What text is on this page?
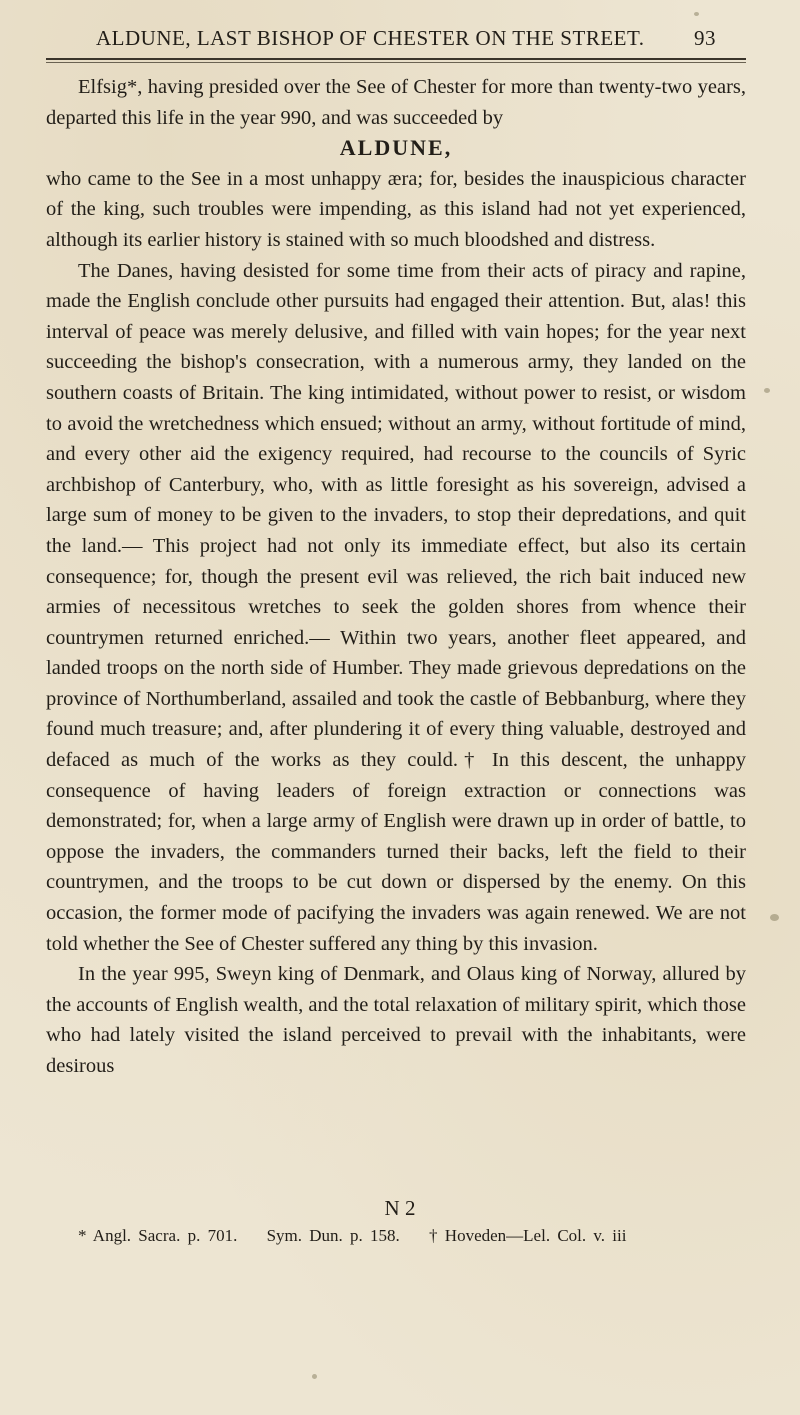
ALDUNE, LAST BISHOP OF CHESTER ON THE STREET. 93

Elfsig*, having presided over the See of Chester for more than twenty-two years, departed this life in the year 990, and was succeeded by

ALDUNE,

who came to the See in a most unhappy æra; for, besides the inauspicious character of the king, such troubles were impending, as this island had not yet experienced, although its earlier history is stained with so much bloodshed and distress.

The Danes, having desisted for some time from their acts of piracy and rapine, made the English conclude other pursuits had engaged their attention. But, alas! this interval of peace was merely delusive, and filled with vain hopes; for the year next succeeding the bishop's consecration, with a numerous army, they landed on the southern coasts of Britain. The king intimidated, without power to resist, or wisdom to avoid the wretchedness which ensued; without an army, without fortitude of mind, and every other aid the exigency required, had recourse to the councils of Syric archbishop of Canterbury, who, with as little foresight as his sovereign, advised a large sum of money to be given to the invaders, to stop their depredations, and quit the land.— This project had not only its immediate effect, but also its certain consequence; for, though the present evil was relieved, the rich bait induced new armies of necessitous wretches to seek the golden shores from whence their countrymen returned enriched.— Within two years, another fleet appeared, and landed troops on the north side of Humber. They made grievous depredations on the province of Northumberland, assailed and took the castle of Bebbanburg, where they found much treasure; and, after plundering it of every thing valuable, destroyed and defaced as much of the works as they could.† In this descent, the unhappy consequence of having leaders of foreign extraction or connections was demonstrated; for, when a large army of English were drawn up in order of battle, to oppose the invaders, the commanders turned their backs, left the field to their countrymen, and the troops to be cut down or dispersed by the enemy. On this occasion, the former mode of pacifying the invaders was again renewed. We are not told whether the See of Chester suffered any thing by this invasion.

In the year 995, Sweyn king of Denmark, and Olaus king of Norway, allured by the accounts of English wealth, and the total relaxation of military spirit, which those who had lately visited the island perceived to prevail with the inhabitants, were desirous

N 2
* Angl. Sacra. p. 701. Sym. Dun. p. 158. † Hoveden—Lel. Col. v. iii
